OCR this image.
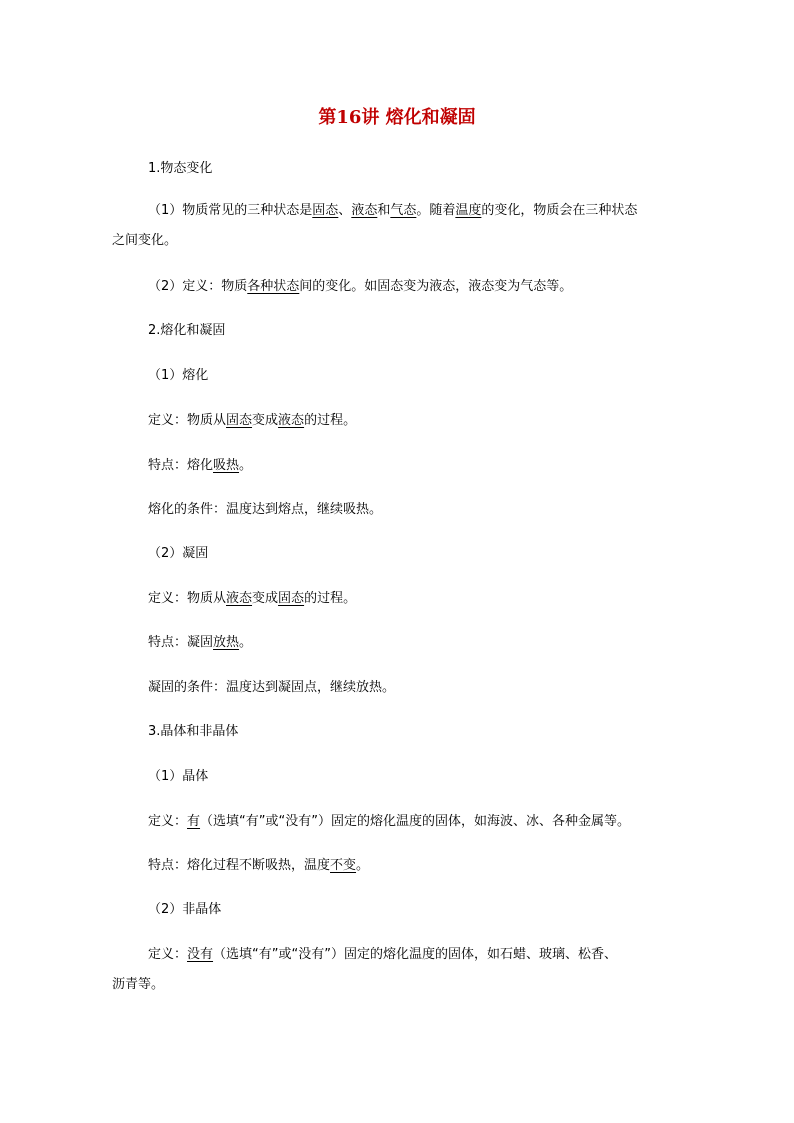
第16讲 熔化和凝固
1.物态变化
（1）物质常见的三种状态是固态、液态和气态。随着温度的变化，物质会在三种状态
之间变化。
（2）定义：物质各种状态间的变化。如固态变为液态，液态变为气态等。
2.熔化和凝固
（1）熔化
定义：物质从固态变成液态的过程。
特点：熔化吸热。
熔化的条件：温度达到熔点，继续吸热。
（2）凝固
定义：物质从液态变成固态的过程。
特点：凝固放热。
凝固的条件：温度达到凝固点，继续放热。
3.晶体和非晶体
（1）晶体
定义：有（选填“有”或“没有”）固定的熔化温度的固体，如海波、冰、各种金属等。
特点：熔化过程不断吸热，温度不变。
（2）非晶体
定义：没有（选填“有”或“没有”）固定的熔化温度的固体，如石蜡、玻璃、松香、
沥青等。
